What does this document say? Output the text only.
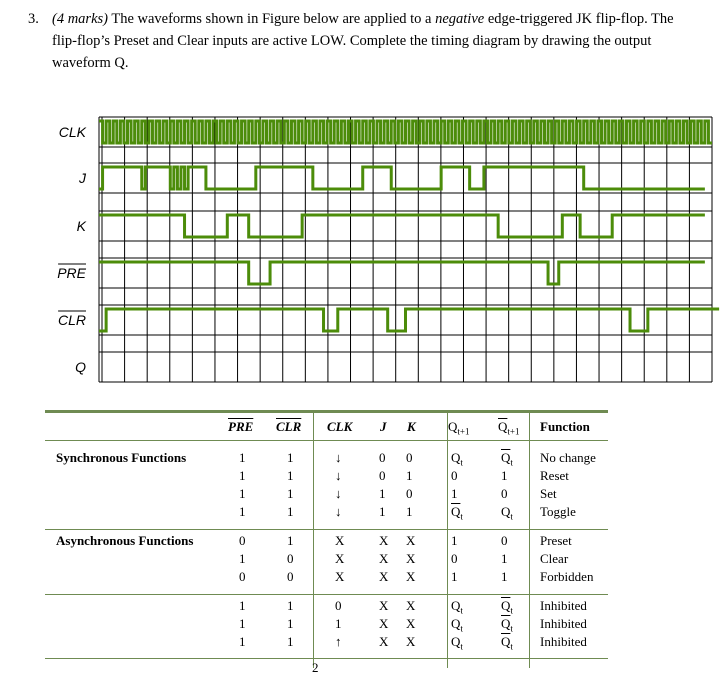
3. (4 marks) The waveforms shown in Figure below are applied to a negative edge-triggered JK flip-flop. The flip-flop’s Preset and Clear inputs are active LOW. Complete the timing diagram by drawing the output waveform Q.
CLK
J
K
PRE
CLR
Q
$\overline{PRE}$ $\overline{CLR}$ CLK J K $Q_{t+1}$ $\overline{Q}_{t+1}$ Function
Synchronous Functions	1	1	↓	0 0	$Q_t$	$\overline{Q}_t$ No change
1	1	↓	0 1	0	1	Reset
1	1	↓	1 0	1	0	Set
1	1	↓	1 1	$\overline{Q}_t$	$Q_t$ Toggle
Asynchronous Functions	0	1	X	X X	1	0	Preset
1	0	X	X X	0	1	Clear
0	0	X	X X	1	1	Forbidden
1	1	0	X X	$Q_t$	$\overline{Q}_t$ Inhibited
1	1	1	X X	$Q_t$	$\overline{Q}_t$ Inhibited
1	1	↑	X X	$Q_t$	$\overline{Q}_t$ Inhibited
2
